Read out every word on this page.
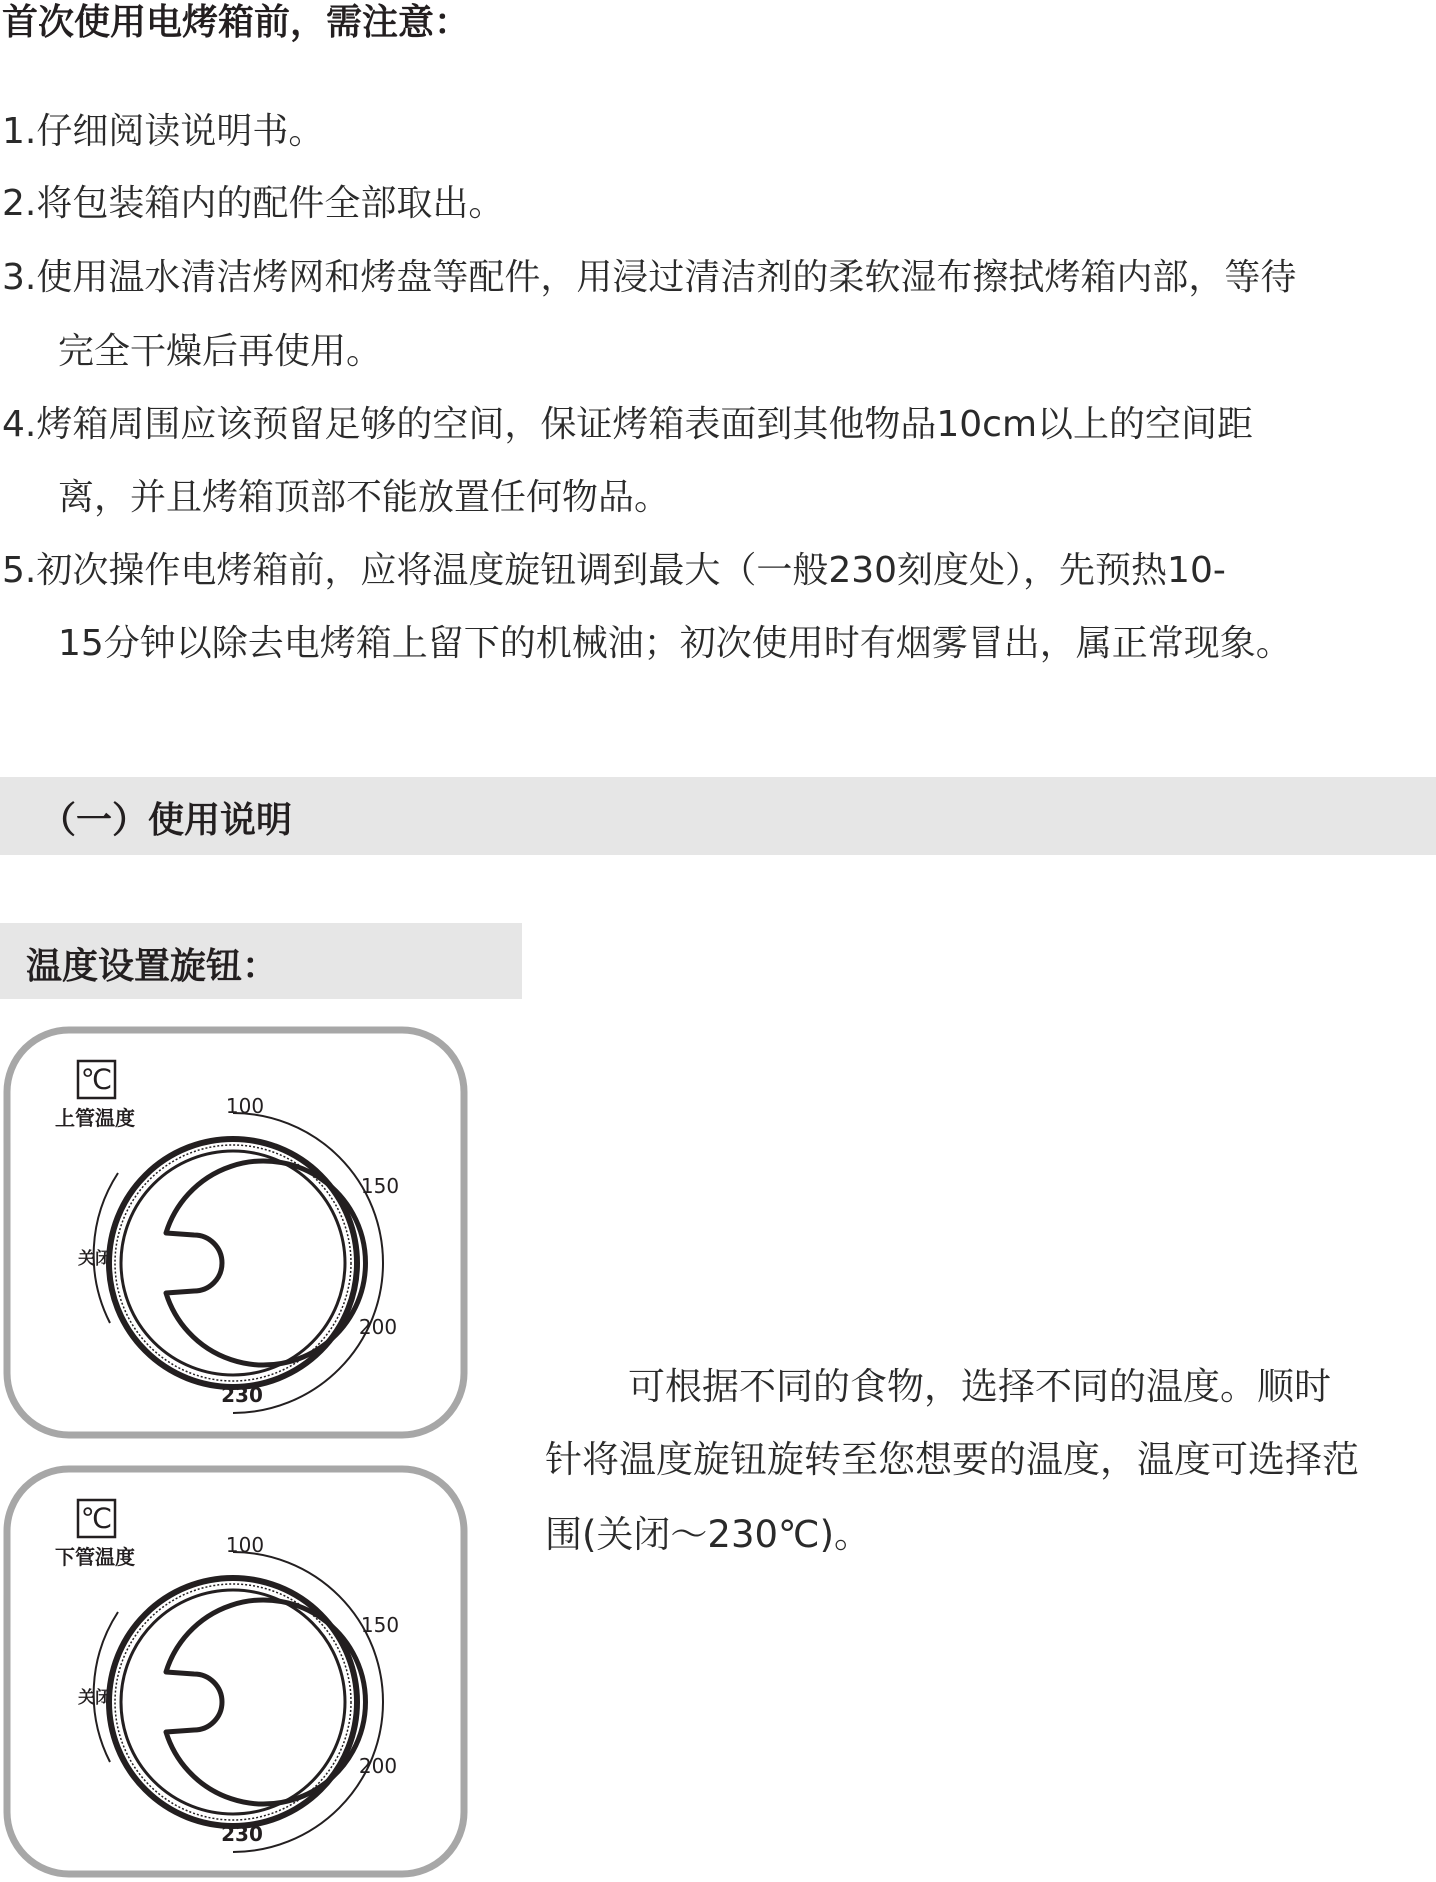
首次使用电烤箱前，需注意：
1.仔细阅读说明书。
2.将包装箱内的配件全部取出。
3.使用温水清洁烤网和烤盘等配件，用浸过清洁剂的柔软湿布擦拭烤箱内部，等待
完全干燥后再使用。
4.烤箱周围应该预留足够的空间，保证烤箱表面到其他物品10cm以上的空间距
离，并且烤箱顶部不能放置任何物品。
5.初次操作电烤箱前，应将温度旋钮调到最大（一般230刻度处），先预热10-
15分钟以除去电烤箱上留下的机械油；初次使用时有烟雾冒出，属正常现象。
（一）使用说明
温度设置旋钮：
℃
上管温度	100
150
200
230
关闭
℃
下管温度	100
150
200
230
关闭
可根据不同的食物，选择不同的温度。顺时
针将温度旋钮旋转至您想要的温度，温度可选择范
围(关闭～230℃)。
